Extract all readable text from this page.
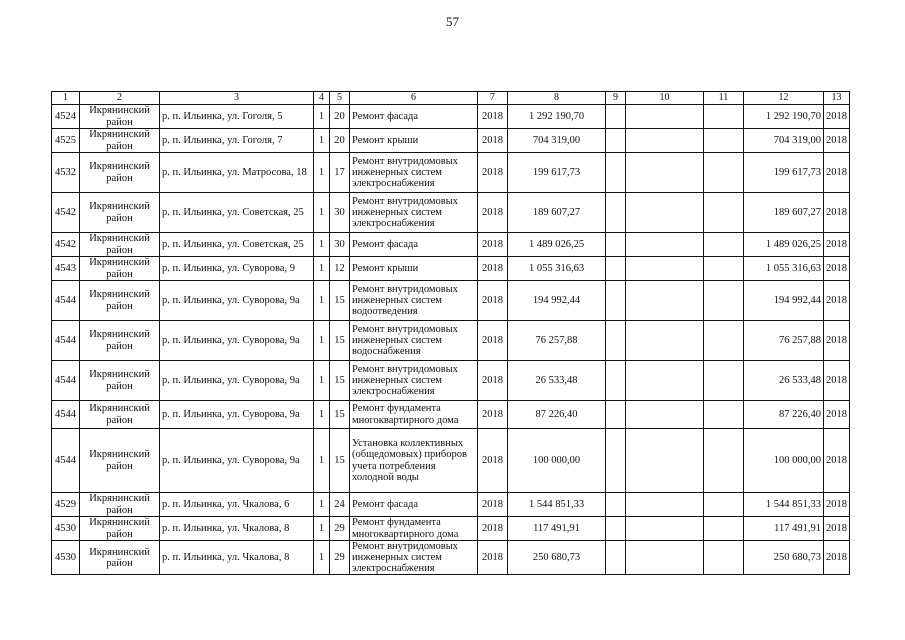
57
1	2	3	4	5	6	7	8	9	10	11	12	13
4524	Икрянинский район	р. п. Ильинка, ул. Гоголя, 5	1	20	Ремонт фасада	2018	1 292 190,70				1 292 190,70	2018
4525	Икрянинский район	р. п. Ильинка, ул. Гоголя, 7	1	20	Ремонт крыши	2018	704 319,00				704 319,00	2018
4532	Икрянинский район	р. п. Ильинка, ул. Матросова, 18	1	17	Ремонт внутридомовых инженерных систем электроснабжения	2018	199 617,73				199 617,73	2018
4542	Икрянинский район	р. п. Ильинка, ул. Советская, 25	1	30	Ремонт внутридомовых инженерных систем электроснабжения	2018	189 607,27				189 607,27	2018
4542	Икрянинский район	р. п. Ильинка, ул. Советская, 25	1	30	Ремонт фасада	2018	1 489 026,25				1 489 026,25	2018
4543	Икрянинский район	р. п. Ильинка, ул. Суворова, 9	1	12	Ремонт крыши	2018	1 055 316,63				1 055 316,63	2018
4544	Икрянинский район	р. п. Ильинка, ул. Суворова, 9а	1	15	Ремонт внутридомовых инженерных систем водоотведения	2018	194 992,44				194 992,44	2018
4544	Икрянинский район	р. п. Ильинка, ул. Суворова, 9а	1	15	Ремонт внутридомовых инженерных систем водоснабжения	2018	76 257,88				76 257,88	2018
4544	Икрянинский район	р. п. Ильинка, ул. Суворова, 9а	1	15	Ремонт внутридомовых инженерных систем электроснабжения	2018	26 533,48				26 533,48	2018
4544	Икрянинский район	р. п. Ильинка, ул. Суворова, 9а	1	15	Ремонт фундамента многоквартирного дома	2018	87 226,40				87 226,40	2018
4544	Икрянинский район	р. п. Ильинка, ул. Суворова, 9а	1	15	Установка коллективных (общедомовых) приборов учета потребления холодной воды	2018	100 000,00				100 000,00	2018
4529	Икрянинский район	р. п. Ильинка, ул. Чкалова, 6	1	24	Ремонт фасада	2018	1 544 851,33				1 544 851,33	2018
4530	Икрянинский район	р. п. Ильинка, ул. Чкалова, 8	1	29	Ремонт фундамента многоквартирного дома	2018	117 491,91				117 491,91	2018
4530	Икрянинский район	р. п. Ильинка, ул. Чкалова, 8	1	29	Ремонт внутридомовых инженерных систем электроснабжения	2018	250 680,73				250 680,73	2018
